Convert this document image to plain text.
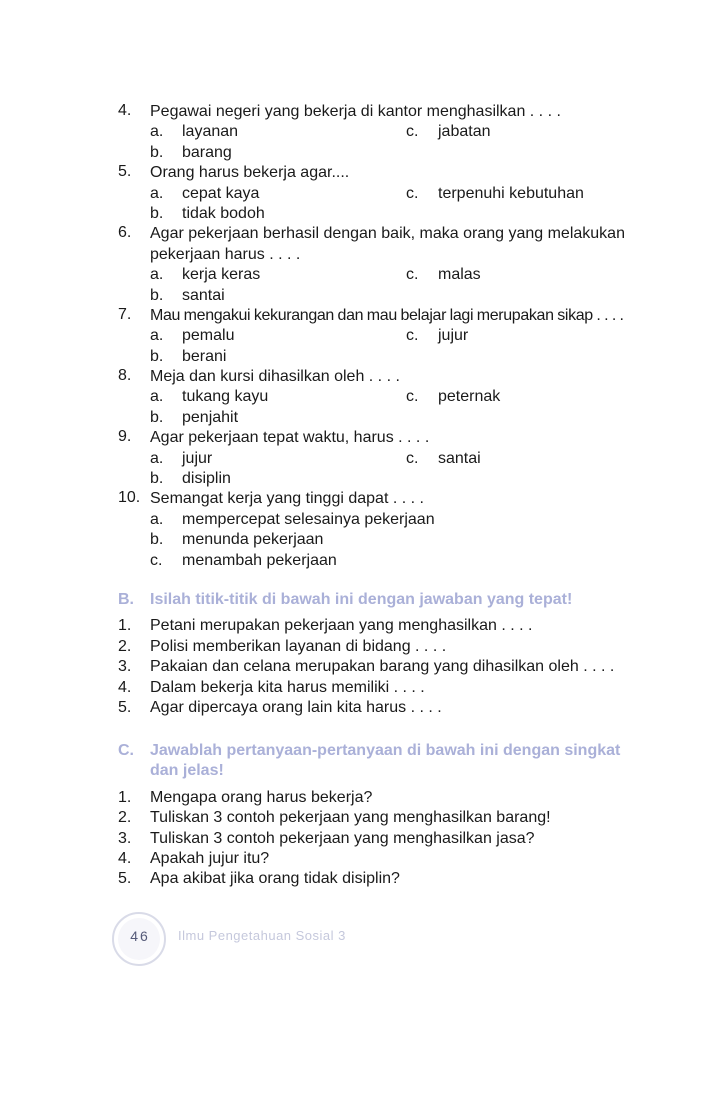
4. Pegawai negeri yang bekerja di kantor menghasilkan . . . .
a. layanan	c. jabatan
b. barang
5. Orang harus bekerja agar....
a. cepat kaya	c. terpenuhi kebutuhan
b. tidak bodoh
6. Agar pekerjaan berhasil dengan baik, maka orang yang melakukan
pekerjaan harus . . . .
a. kerja keras	c. malas
b. santai
7. Mau mengakui kekurangan dan mau belajar lagi merupakan sikap . . . .
a. pemalu	c. jujur
b. berani
8. Meja dan kursi dihasilkan oleh . . . .
a. tukang kayu	c. peternak
b. penjahit
9. Agar pekerjaan tepat waktu, harus . . . .
a. jujur	c. santai
b. disiplin
10. Semangat kerja yang tinggi dapat . . . .
a. mempercepat selesainya pekerjaan
b. menunda pekerjaan
c. menambah pekerjaan
B. Isilah titik-titik di bawah ini dengan jawaban yang tepat!
1. Petani merupakan pekerjaan yang menghasilkan . . . .
2. Polisi memberikan layanan di bidang . . . .
3. Pakaian dan celana merupakan barang yang dihasilkan oleh . . . .
4. Dalam bekerja kita harus memiliki . . . .
5. Agar dipercaya orang lain kita harus . . . .
C. Jawablah pertanyaan-pertanyaan di bawah ini dengan singkat
dan jelas!
1. Mengapa orang harus bekerja?
2. Tuliskan 3 contoh pekerjaan yang menghasilkan barang!
3. Tuliskan 3 contoh pekerjaan yang menghasilkan jasa?
4. Apakah jujur itu?
5. Apa akibat jika orang tidak disiplin?
46	Ilmu Pengetahuan Sosial 3
